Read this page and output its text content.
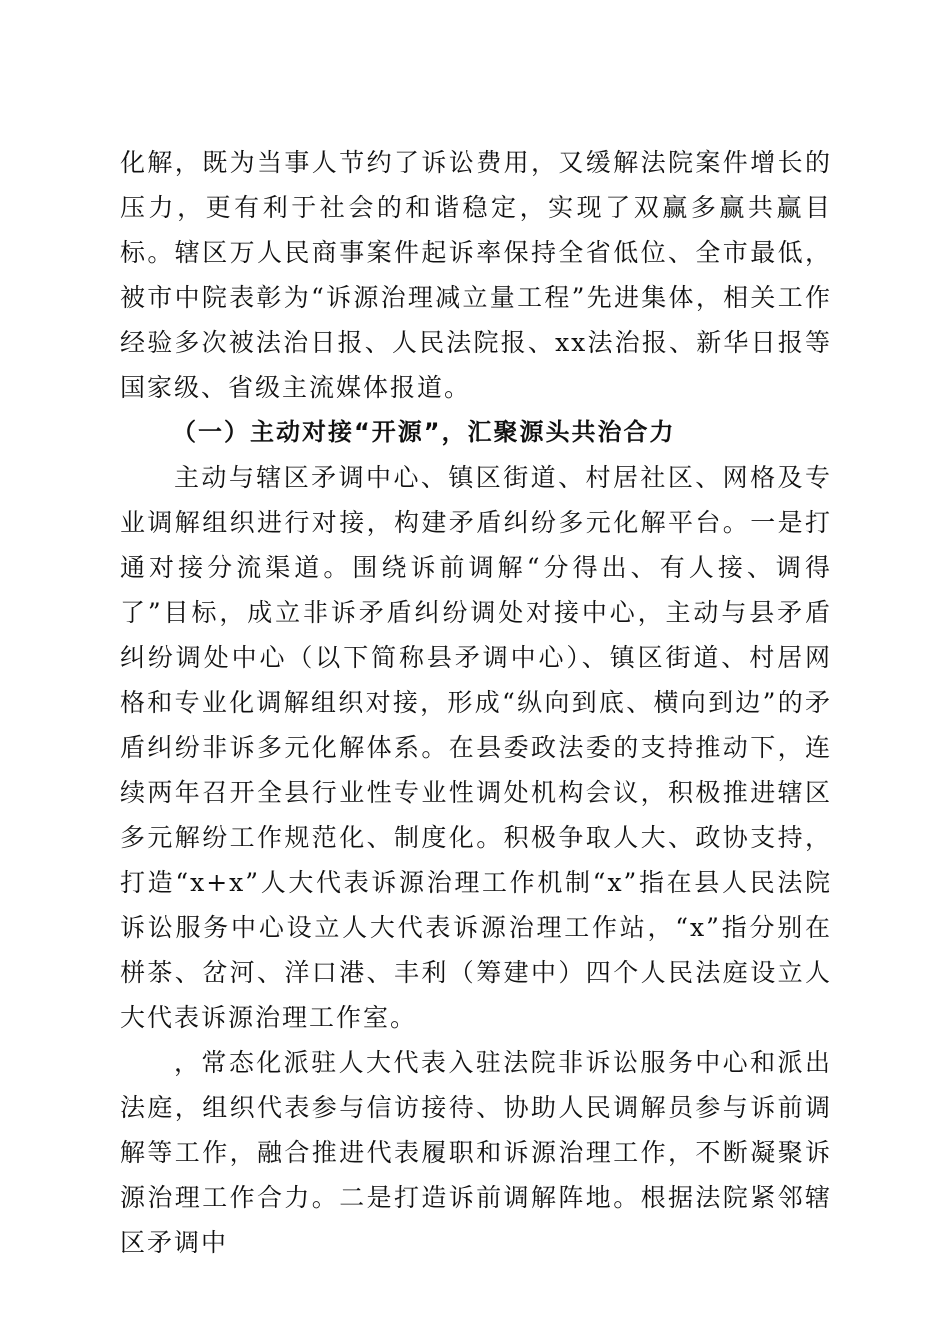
化解，既为当事人节约了诉讼费用，又缓解法院案件增长的压力，更有利于社会的和谐稳定，实现了双赢多赢共赢目标。辖区万人民商事案件起诉率保持全省低位、全市最低，被市中院表彰为“诉源治理减立量工程”先进集体，相关工作经验多次被法治日报、人民法院报、xx法治报、新华日报等国家级、省级主流媒体报道。

（一）主动对接“开源”，汇聚源头共治合力

主动与辖区矛调中心、镇区街道、村居社区、网格及专业调解组织进行对接，构建矛盾纠纷多元化解平台。一是打通对接分流渠道。围绕诉前调解“分得出、有人接、调得了”目标，成立非诉矛盾纠纷调处对接中心，主动与县矛盾纠纷调处中心（以下简称县矛调中心）、镇区街道、村居网格和专业化调解组织对接，形成“纵向到底、横向到边”的矛盾纠纷非诉多元化解体系。在县委政法委的支持推动下，连续两年召开全县行业性专业性调处机构会议，积极推进辖区多元解纷工作规范化、制度化。积极争取人大、政协支持，打造“x+x”人大代表诉源治理工作机制“x”指在县人民法院诉讼服务中心设立人大代表诉源治理工作站，“x”指分别在栟茶、岔河、洋口港、丰利（筹建中）四个人民法庭设立人大代表诉源治理工作室。

，常态化派驻人大代表入驻法院非诉讼服务中心和派出法庭，组织代表参与信访接待、协助人民调解员参与诉前调解等工作，融合推进代表履职和诉源治理工作，不断凝聚诉源治理工作合力。二是打造诉前调解阵地。根据法院紧邻辖区矛调中
